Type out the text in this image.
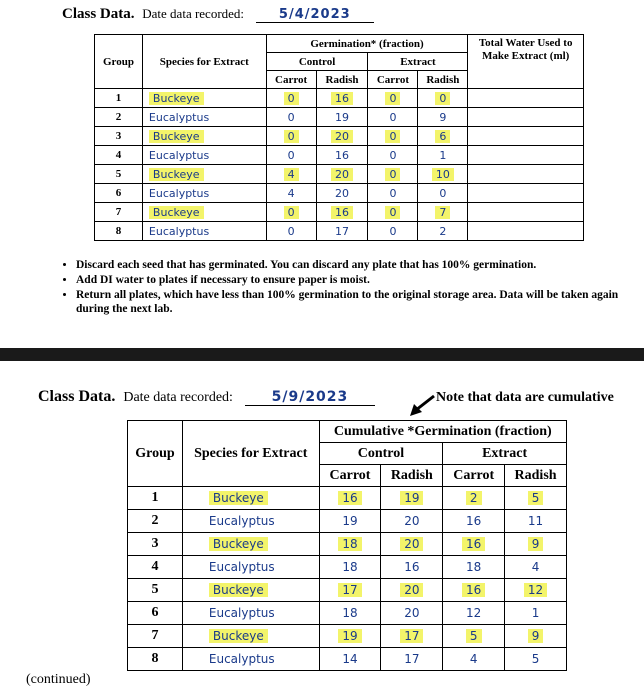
Class Data. Date data recorded:	5/4/2023
Group	Species for Extract	Germination* (fraction)				Total Water Used to Make Extract (ml)
		Control		Extract		
		Carrot	Radish	Carrot	Radish	
1	Buckeye	0	16	0	0	
2	Eucalyptus	0	19	0	9	
3	Buckeye	0	20	0	6	
4	Eucalyptus	0	16	0	1	
5	Buckeye	4	20	0	10	
6	Eucalyptus	4	20	0	0	
7	Buckeye	0	16	0	7	
8	Eucalyptus	0	17	0	2	
• Discard each seed that has germinated. You can discard any plate that has 100% germination.
• Add DI water to plates if necessary to ensure paper is moist.
• Return all plates, which have less than 100% germination to the original storage area. Data will be taken again during the next lab.
Class Data. Date data recorded:	5/9/2023	Note that data are cumulative
Group	Species for Extract	Cumulative *Germination (fraction)			
		Control		Extract	
		Carrot	Radish	Carrot	Radish
1	Buckeye	16	19	2	5
2	Eucalyptus	19	20	16	11
3	Buckeye	18	20	16	9
4	Eucalyptus	18	16	18	4
5	Buckeye	17	20	16	12
6	Eucalyptus	18	20	12	1
7	Buckeye	19	17	5	9
8	Eucalyptus	14	17	4	5
(continued)
